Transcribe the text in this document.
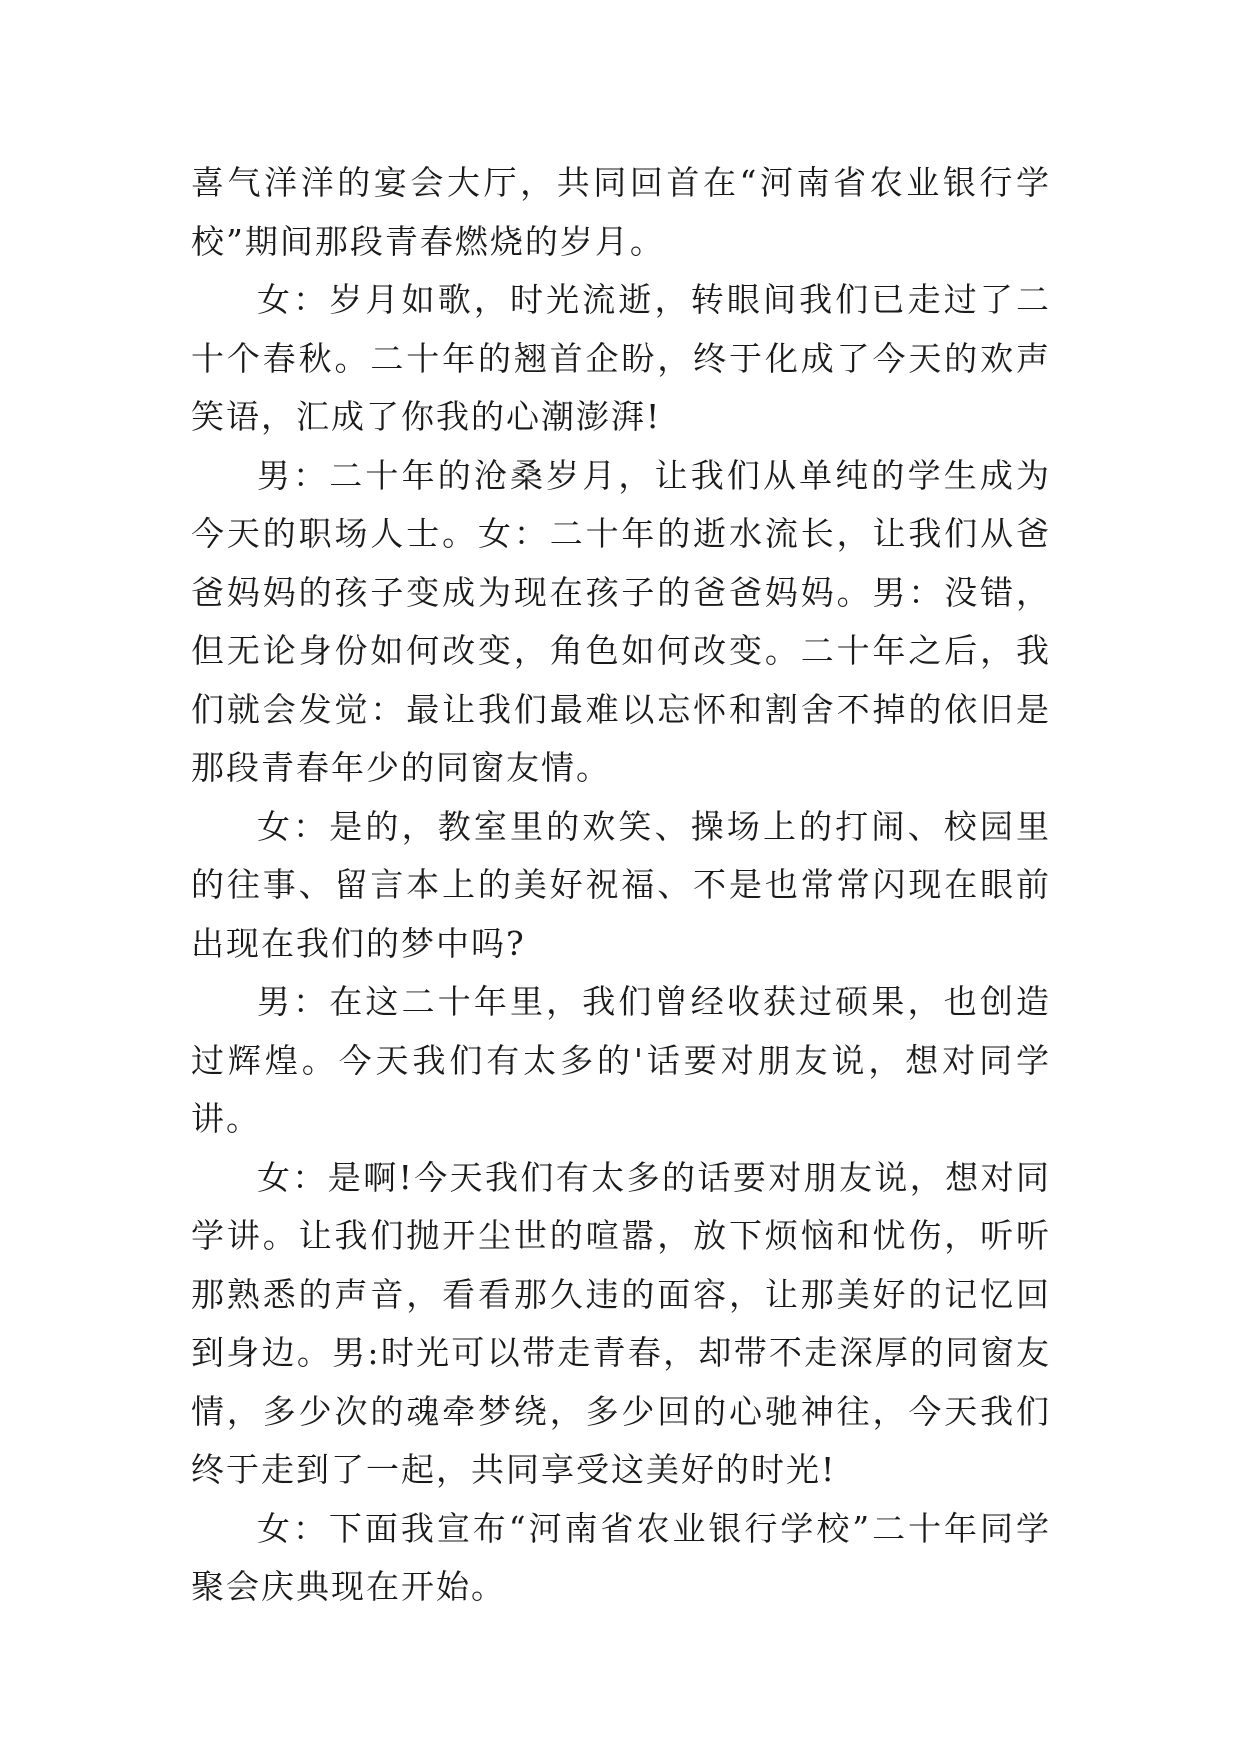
喜气洋洋的宴会大厅，共同回首在“河南省农业银行学校”期间那段青春燃烧的岁月。

女：岁月如歌，时光流逝，转眼间我们已走过了二十个春秋。二十年的翘首企盼，终于化成了今天的欢声笑语，汇成了你我的心潮澎湃!

男：二十年的沧桑岁月，让我们从单纯的学生成为今天的职场人士。女：二十年的逝水流长，让我们从爸爸妈妈的孩子变成为现在孩子的爸爸妈妈。男：没错，但无论身份如何改变，角色如何改变。二十年之后，我们就会发觉：最让我们最难以忘怀和割舍不掉的依旧是那段青春年少的同窗友情。

女：是的，教室里的欢笑、操场上的打闹、校园里的往事、留言本上的美好祝福、不是也常常闪现在眼前出现在我们的梦中吗?

男：在这二十年里，我们曾经收获过硕果，也创造过辉煌。今天我们有太多的'话要对朋友说，想对同学讲。

女：是啊!今天我们有太多的话要对朋友说，想对同学讲。让我们抛开尘世的喧嚣，放下烦恼和忧伤，听听那熟悉的声音，看看那久违的面容，让那美好的记忆回到身边。男:时光可以带走青春，却带不走深厚的同窗友情，多少次的魂牵梦绕，多少回的心驰神往，今天我们终于走到了一起，共同享受这美好的时光!

女：下面我宣布“河南省农业银行学校”二十年同学聚会庆典现在开始。
